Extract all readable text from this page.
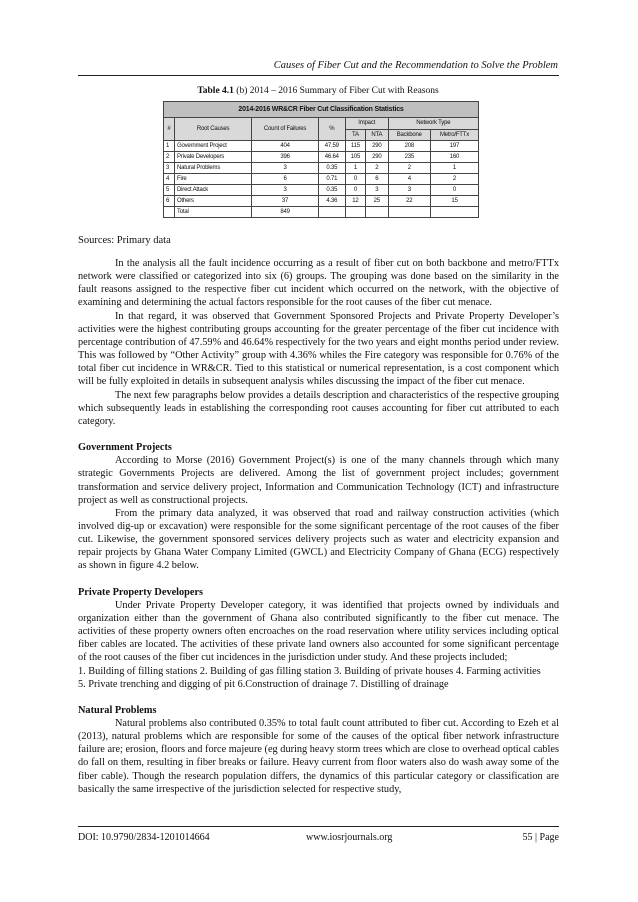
Causes of Fiber Cut and the Recommendation to Solve the Problem
Table 4.1 (b) 2014 – 2016 Summary of Fiber Cut with Reasons
2014-2016 WR&CR Fiber Cut Classification Statistics							
#	Root Causes	Count of Failures	%	Impact		Network Type	
				TA	NTA	Backbone	Metro/FTTx
1	Government Project	404	47.59	115	290	208	197
2	Private Developers	396	46.64	105	290	235	160
3	Natural Problems	3	0.35	1	2	2	1
4	Fire	6	0.71	0	6	4	2
5	Direct Attack	3	0.35	0	3	3	0
6	Others	37	4.36	12	25	22	15
	Total	849					
Sources: Primary data

In the analysis all the fault incidence occurring as a result of fiber cut on both backbone and metro/FTTx network were classified or categorized into six (6) groups. The grouping was done based on the similarity in the fault reasons assigned to the respective fiber cut incident which occurred on the network, with the objective of examining and determining the actual factors responsible for the root causes of the fiber cut menace.

In that regard, it was observed that Government Sponsored Projects and Private Property Developer’s activities were the highest contributing groups accounting for the greater percentage of the fiber cut incidence with percentage contribution of 47.59% and 46.64% respectively for the two years and eight months period under review. This was followed by “Other Activity” group with 4.36% whiles the Fire category was responsible for 0.76% of the total fiber cut incidence in WR&CR. Tied to this statistical or numerical representation, is a cost component which will be fully exploited in details in subsequent analysis whiles discussing the impact of the fiber cut menace.

The next few paragraphs below provides a details description and characteristics of the respective grouping which subsequently leads in establishing the corresponding root causes accounting for fiber cut attributed to each category.

Government Projects

According to Morse (2016) Government Project(s) is one of the many channels through which many strategic Governments Projects are delivered. Among the list of government project includes; government transformation and service delivery project, Information and Communication Technology (ICT) and infrastructure project as well as constructional projects.

From the primary data analyzed, it was observed that road and railway construction activities (which involved dig-up or excavation) were responsible for the some significant percentage of the root causes of the fiber cut. Likewise, the government sponsored services delivery projects such as water and electricity expansion and repair projects by Ghana Water Company Limited (GWCL) and Electricity Company of Ghana (ECG) respectively as shown in figure 4.2 below.

Private Property Developers

Under Private Property Developer category, it was identified that projects owned by individuals and organization either than the government of Ghana also contributed significantly to the fiber cut menace. The activities of these property owners often encroaches on the road reservation where utility services including optical fiber cables are located. The activities of these private land owners also accounted for some significant percentage of the root causes of the fiber cut incidences in the jurisdiction under study. And these projects included;

1. Building of filling stations 2. Building of gas filling station 3. Building of private houses 4. Farming activities

5. Private trenching and digging of pit 6.Construction of drainage 7. Distilling of drainage

Natural Problems

Natural problems also contributed 0.35% to total fault count attributed to fiber cut. According to Ezeh et al (2013), natural problems which are responsible for some of the causes of the optical fiber network infrastructure failure are; erosion, floors and force majeure (eg during heavy storm trees which are close to overhead optical cables do fall on them, resulting in fiber breaks or failure. Heavy current from floor waters also do wash away some of the fiber cable). Though the research population differs, the dynamics of this particular category or classification are basically the same irrespective of the jurisdiction selected for respective study,

DOI: 10.9790/2834-1201014664	www.iosrjournals.org	55 | Page
